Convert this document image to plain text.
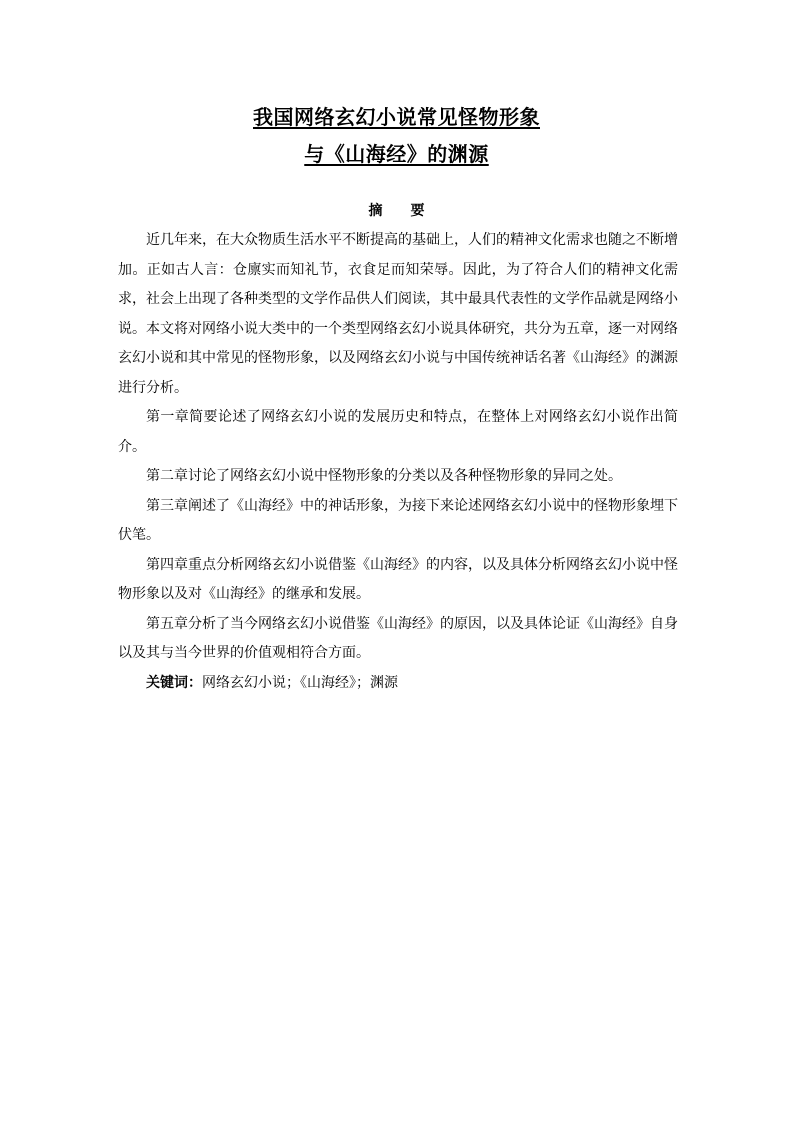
我国网络玄幻小说常见怪物形象
与《山海经》的渊源
摘 要

近几年来，在大众物质生活水平不断提高的基础上，人们的精神文化需求也随之不断增加。正如古人言：仓廪实而知礼节，衣食足而知荣辱。因此，为了符合人们的精神文化需求，社会上出现了各种类型的文学作品供人们阅读，其中最具代表性的文学作品就是网络小说。本文将对网络小说大类中的一个类型网络玄幻小说具体研究，共分为五章，逐一对网络玄幻小说和其中常见的怪物形象，以及网络玄幻小说与中国传统神话名著《山海经》的渊源进行分析。

第一章简要论述了网络玄幻小说的发展历史和特点，在整体上对网络玄幻小说作出简介。

第二章讨论了网络玄幻小说中怪物形象的分类以及各种怪物形象的异同之处。

第三章阐述了《山海经》中的神话形象，为接下来论述网络玄幻小说中的怪物形象埋下伏笔。

第四章重点分析网络玄幻小说借鉴《山海经》的内容，以及具体分析网络玄幻小说中怪物形象以及对《山海经》的继承和发展。

第五章分析了当今网络玄幻小说借鉴《山海经》的原因，以及具体论证《山海经》自身以及其与当今世界的价值观相符合方面。

关键词：网络玄幻小说；《山海经》；渊源
